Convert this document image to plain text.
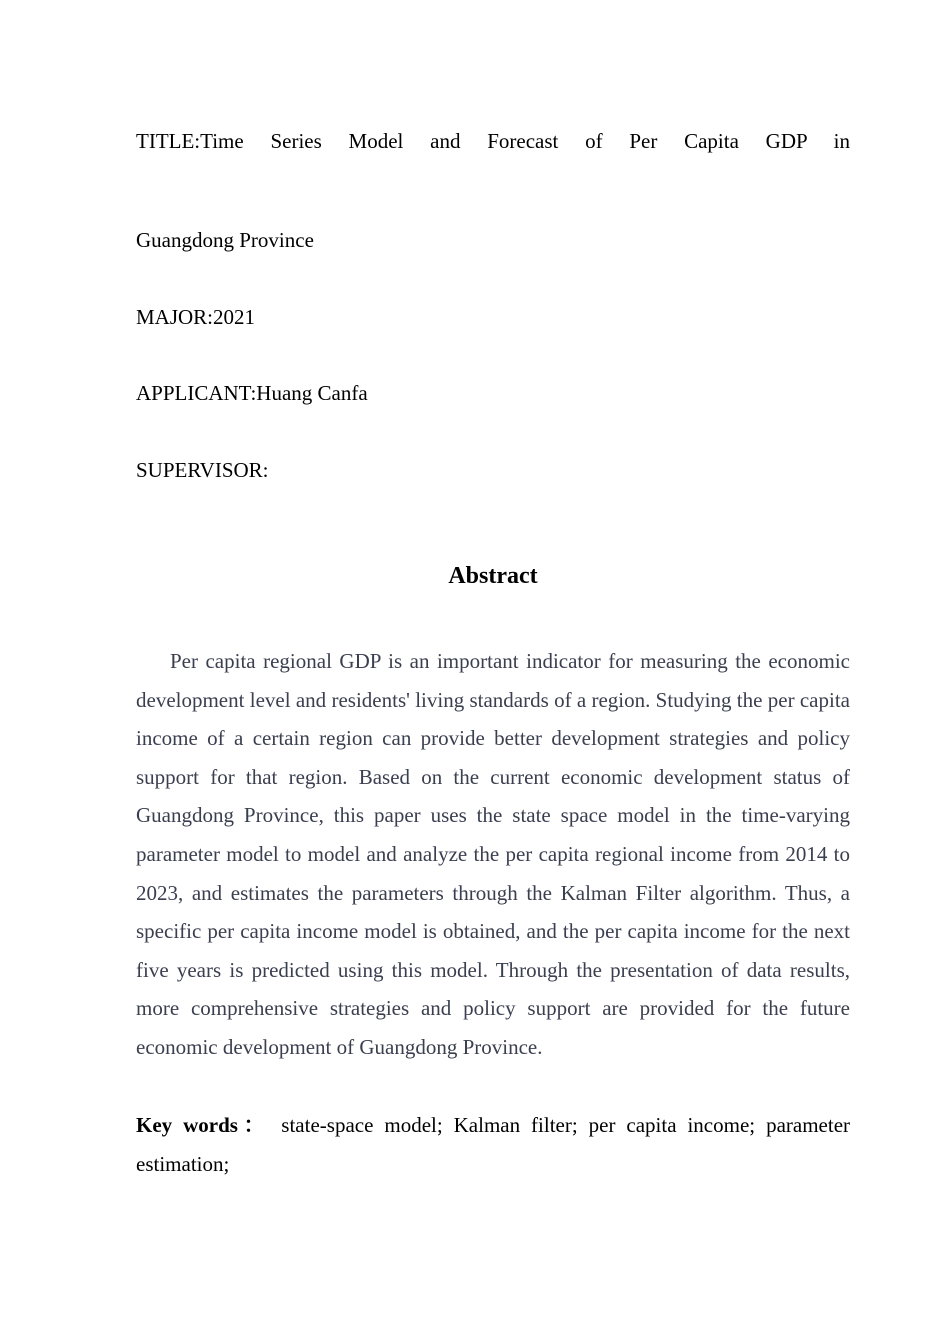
TITLE:Time Series Model and Forecast of Per Capita GDP in
Guangdong Province
MAJOR:2021
APPLICANT:Huang Canfa
SUPERVISOR:
Abstract
Per capita regional GDP is an important indicator for measuring the economic development level and residents' living standards of a region. Studying the per capita income of a certain region can provide better development strategies and policy support for that region. Based on the current economic development status of Guangdong Province, this paper uses the state space model in the time-varying parameter model to model and analyze the per capita regional income from 2014 to 2023, and estimates the parameters through the Kalman Filter algorithm. Thus, a specific per capita income model is obtained, and the per capita income for the next five years is predicted using this model. Through the presentation of data results, more comprehensive strategies and policy support are provided for the future economic development of Guangdong Province.
Key words： state-space model; Kalman filter; per capita income; parameter estimation;
